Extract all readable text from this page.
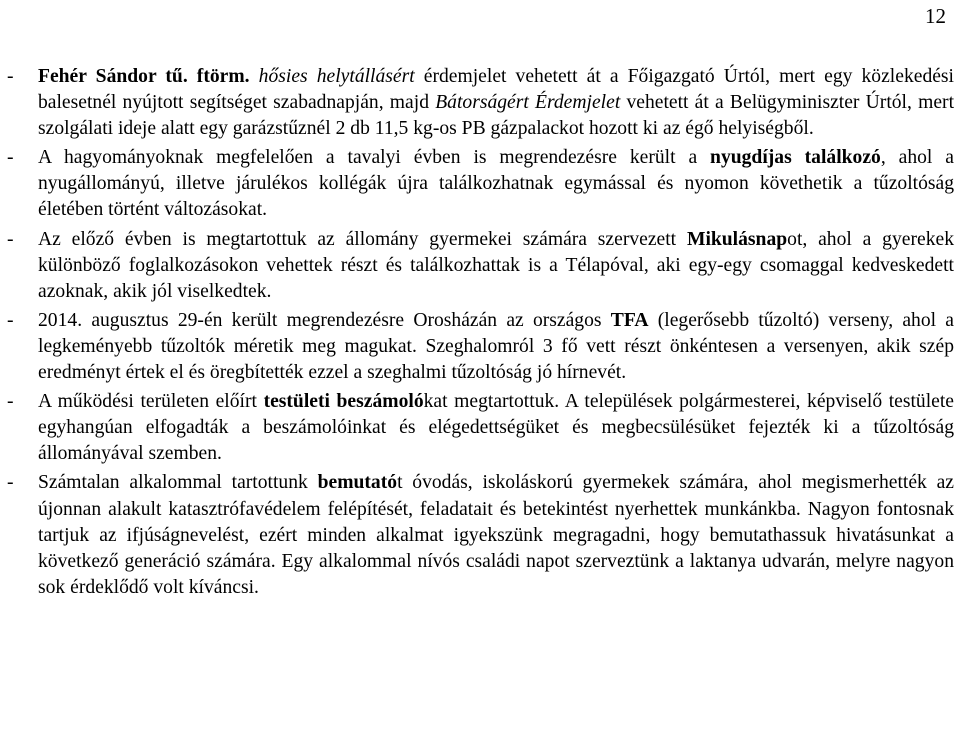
12
- Fehér Sándor tű. ftörm. hősies helytállásért érdemjelet vehetett át a Főigazgató Úrtól, mert egy közlekedési balesetnél nyújtott segítséget szabadnapján, majd Bátorságért Érdemjelet vehetett át a Belügyminiszter Úrtól, mert szolgálati ideje alatt egy garázstűznél 2 db 11,5 kg-os PB gázpalackot hozott ki az égő helyiségből.
- A hagyományoknak megfelelően a tavalyi évben is megrendezésre került a nyugdíjas találkozó, ahol a nyugállományú, illetve járulékos kollégák újra találkozhatnak egymással és nyomon követhetik a tűzoltóság életében történt változásokat.
- Az előző évben is megtartottuk az állomány gyermekei számára szervezett Mikulásnapot, ahol a gyerekek különböző foglalkozásokon vehettek részt és találkozhattak is a Télapóval, aki egy-egy csomaggal kedveskedett azoknak, akik jól viselkedtek.
- 2014. augusztus 29-én került megrendezésre Orosházán az országos TFA (legerősebb tűzoltó) verseny, ahol a legkeményebb tűzoltók méretik meg magukat. Szeghalomról 3 fő vett részt önkéntesen a versenyen, akik szép eredményt értek el és öregbítették ezzel a szeghalmi tűzoltóság jó hírnevét.
- A működési területen előírt testületi beszámolókat megtartottuk. A települések polgármesterei, képviselő testülete egyhangúan elfogadták a beszámolóinkat és elégedettségüket és megbecsülésüket fejezték ki a tűzoltóság állományával szemben.
- Számtalan alkalommal tartottunk bemutatót óvodás, iskoláskorú gyermekek számára, ahol megismerhették az újonnan alakult katasztrófavédelem felépítését, feladatait és betekintést nyerhettek munkánkba. Nagyon fontosnak tartjuk az ifjúságnevelést, ezért minden alkalmat igyekszünk megragadni, hogy bemutathassuk hivatásunkat a következő generáció számára. Egy alkalommal nívós családi napot szerveztünk a laktanya udvarán, melyre nagyon sok érdeklődő volt kíváncsi.
